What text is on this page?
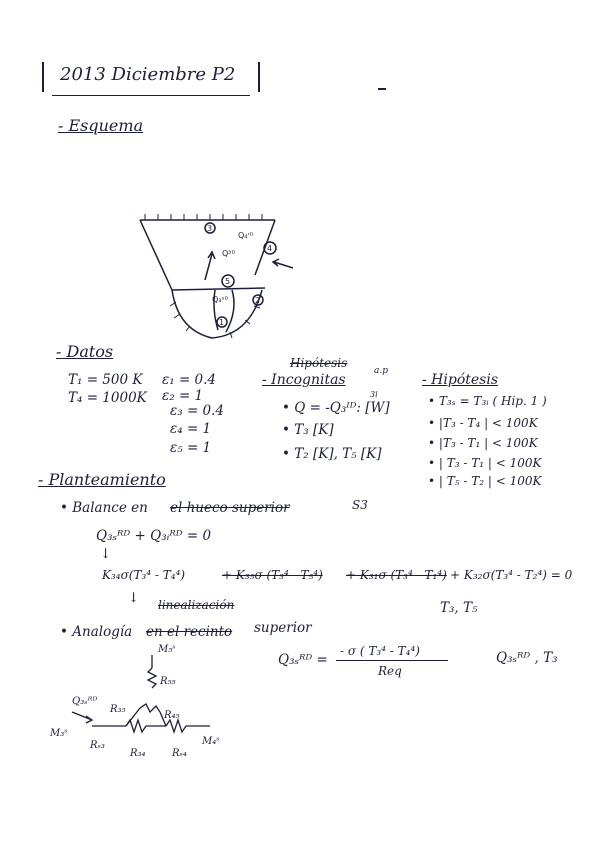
2013 Diciembre P2
- Esquema
3
4
5
2
1
Q₄ʳᴰ
Q³ᴰ
Q₃ˢᴰ
- Datos
T₁ = 500 K
T₄ = 1000K
ε₁ = 0.4
ε₂ = 1
ε₃ = 0.4
ε₄ = 1
ε₅ = 1
Hipótesis
- Incognitas
a.p
3i
• Q = -Q₃ᴵᴰ: [W]
• T₃ [K]
• T₂ [K], T₅ [K]
- Hipótesis
• T₃ₛ = T₃ᵢ ( Hip. 1 )
• |T₃ - T₄ | < 100K
• |T₃ - T₁ | < 100K
• | T₃ - T₁ | < 100K
• | T₅ - T₂ | < 100K
- Planteamiento
• Balance en el hueco superior	S3
Q₃ₛᴿᴰ + Q₃ᵢᴿᴰ = 0
↓
K₃₄σ(T₃⁴ - T₄⁴)	+ K₃₅σ (T₃⁴ - T₅⁴) + K₃₁σ (T₃⁴ - T₁⁴) + K₃₂σ(T₃⁴ - T₂⁴) = 0
↓ linealización	T₃, T₅
• Analogía en el recinto superior
Q₃ₛᴿᴰ =
- σ ( T₃⁴ - T₄⁴)
Req
Q₃ₛᴿᴰ , T₃
M₅ˢ
R₅₅
Q₃ₛᴿᴰ
M₃ˢ
R₃₅
R₄₅
Rₛ₃
R₃₄	Rₛ₄
M₄ˢ
